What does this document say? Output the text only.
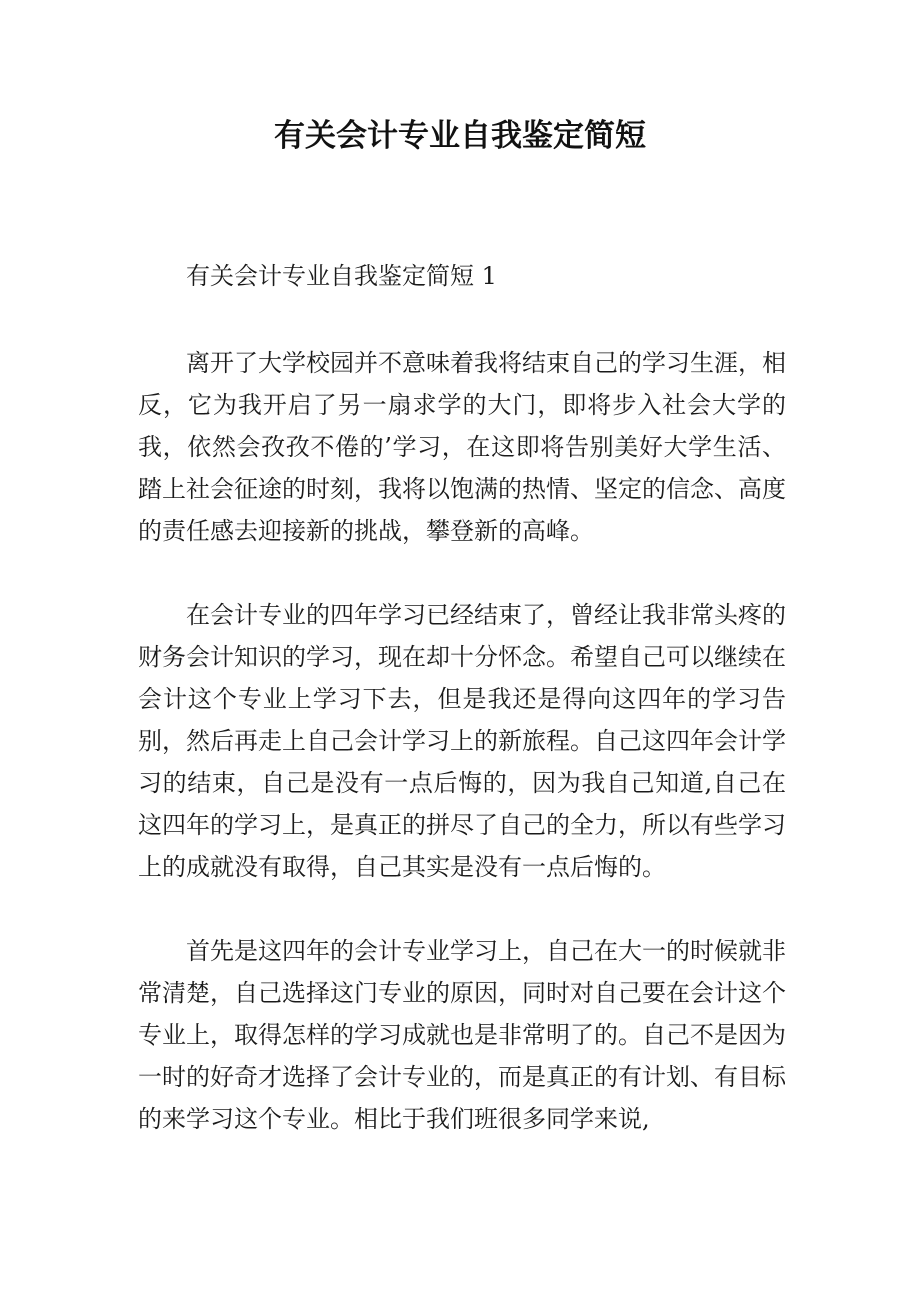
有关会计专业自我鉴定简短

有关会计专业自我鉴定简短 1

离开了大学校园并不意味着我将结束自己的学习生涯，相反，它为我开启了另一扇求学的大门，即将步入社会大学的我，依然会孜孜不倦的’学习，在这即将告别美好大学生活、踏上社会征途的时刻，我将以饱满的热情、坚定的信念、高度的责任感去迎接新的挑战，攀登新的高峰。

在会计专业的四年学习已经结束了，曾经让我非常头疼的财务会计知识的学习，现在却十分怀念。希望自己可以继续在会计这个专业上学习下去，但是我还是得向这四年的学习告别，然后再走上自己会计学习上的新旅程。自己这四年会计学习的结束，自己是没有一点后悔的，因为我自己知道,自己在这四年的学习上，是真正的拼尽了自己的全力，所以有些学习上的成就没有取得，自己其实是没有一点后悔的。

首先是这四年的会计专业学习上，自己在大一的时候就非常清楚，自己选择这门专业的原因，同时对自己要在会计这个专业上，取得怎样的学习成就也是非常明了的。自己不是因为一时的好奇才选择了会计专业的，而是真正的有计划、有目标的来学习这个专业。相比于我们班很多同学来说,
